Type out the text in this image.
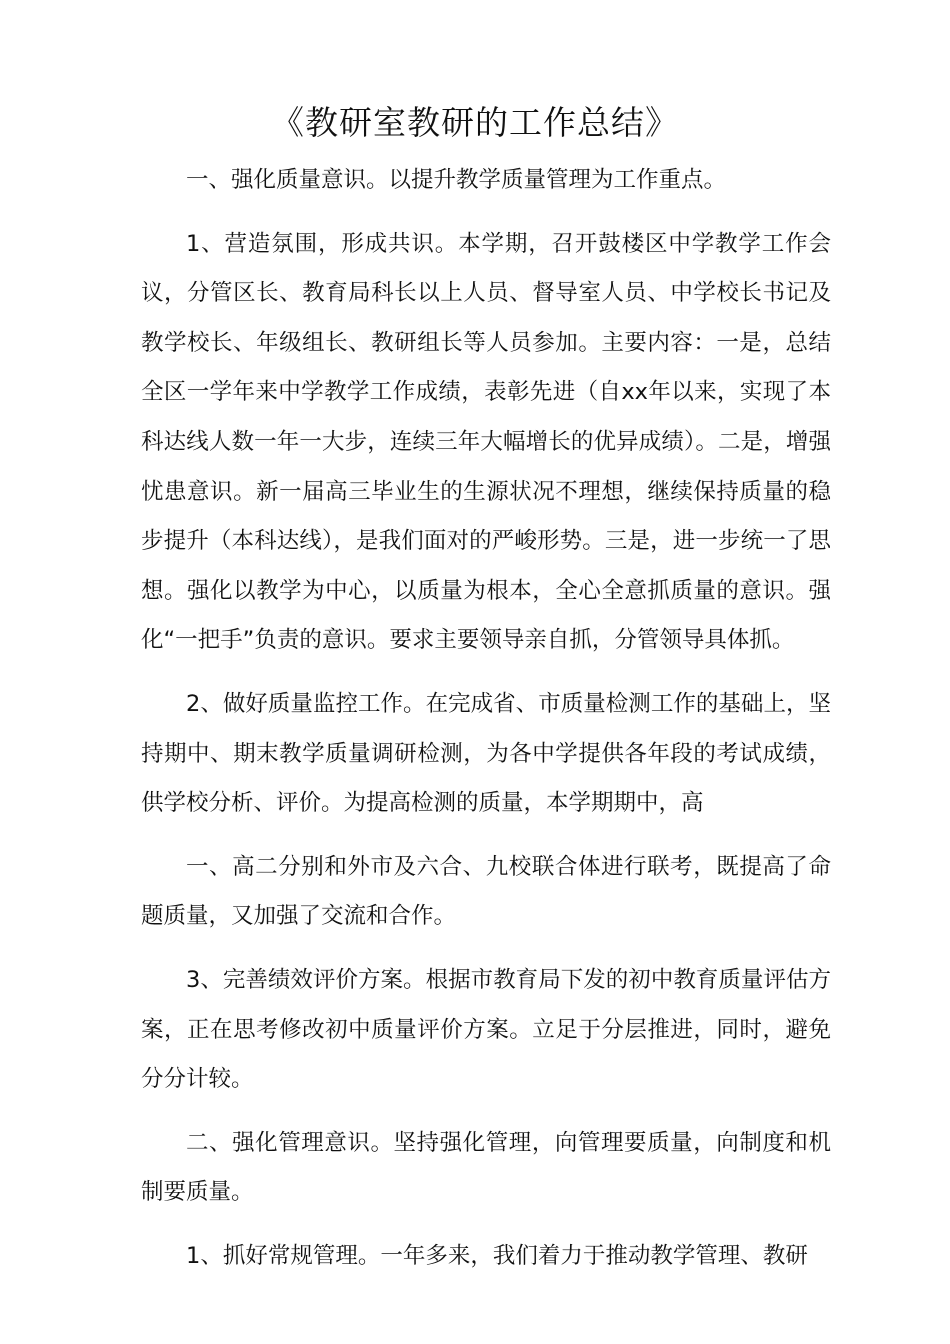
《教研室教研的工作总结》

一、强化质量意识。以提升教学质量管理为工作重点。

1、营造氛围，形成共识。本学期，召开鼓楼区中学教学工作会议，分管区长、教育局科长以上人员、督导室人员、中学校长书记及教学校长、年级组长、教研组长等人员参加。主要内容：一是，总结全区一学年来中学教学工作成绩，表彰先进（自xx年以来，实现了本科达线人数一年一大步，连续三年大幅增长的优异成绩）。二是，增强忧患意识。新一届高三毕业生的生源状况不理想，继续保持质量的稳步提升（本科达线），是我们面对的严峻形势。三是，进一步统一了思想。强化以教学为中心，以质量为根本，全心全意抓质量的意识。强化“一把手”负责的意识。要求主要领导亲自抓，分管领导具体抓。

2、做好质量监控工作。在完成省、市质量检测工作的基础上，坚持期中、期末教学质量调研检测，为各中学提供各年段的考试成绩，供学校分析、评价。为提高检测的质量，本学期期中，高

一、高二分别和外市及六合、九校联合体进行联考，既提高了命题质量，又加强了交流和合作。

3、完善绩效评价方案。根据市教育局下发的初中教育质量评估方案，正在思考修改初中质量评价方案。立足于分层推进，同时，避免分分计较。

二、强化管理意识。坚持强化管理，向管理要质量，向制度和机制要质量。

1、抓好常规管理。一年多来，我们着力于推动教学管理、教研
